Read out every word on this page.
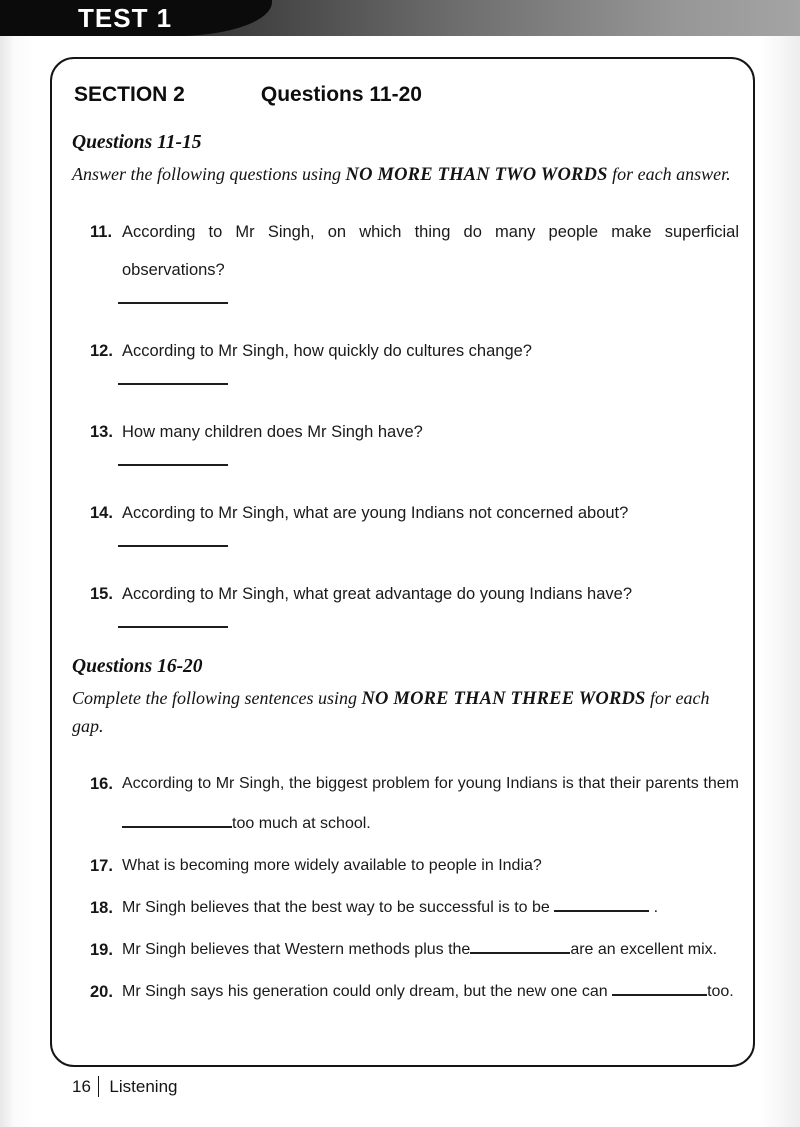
TEST 1
SECTION 2	Questions 11-20
Questions 11-15

Answer the following questions using NO MORE THAN TWO WORDS for each answer.

11. According to Mr Singh, on which thing do many people make superficial observations?

12. According to Mr Singh, how quickly do cultures change?

13. How many children does Mr Singh have?

14. According to Mr Singh, what are young Indians not concerned about?

15. According to Mr Singh, what great advantage do young Indians have?

Questions 16-20

Complete the following sentences using NO MORE THAN THREE WORDS for each gap.

16. According to Mr Singh, the biggest problem for young Indians is that their parents them too much at school.

17. What is becoming more widely available to people in India?

18. Mr Singh believes that the best way to be successful is to be	.

19. Mr Singh believes that Western methods plus the	are an excellent mix.

20. Mr Singh says his generation could only dream, but the new one can	too.

16 Listening
